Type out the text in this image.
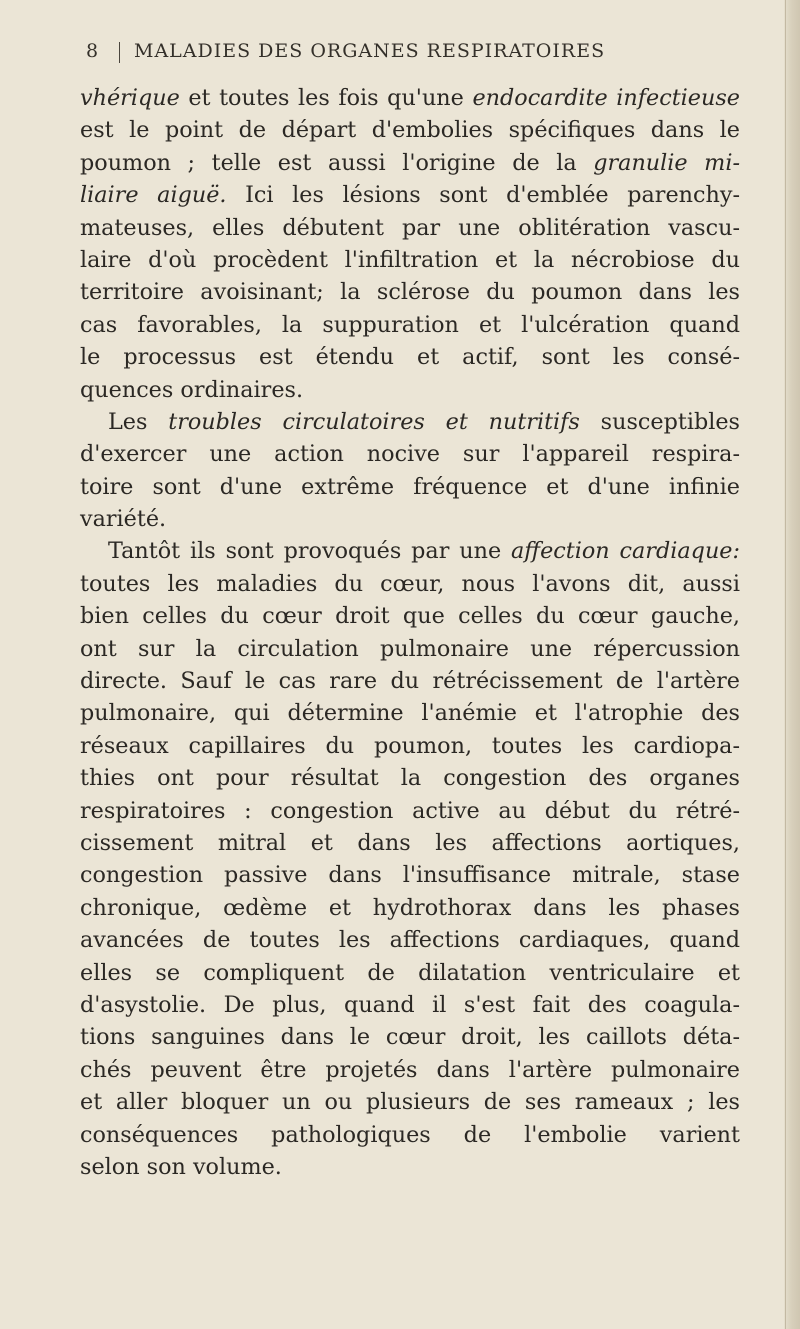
8 MALADIES DES ORGANES RESPIRATOIRES
vhérique et toutes les fois qu'une endocardite infectieuse
est le point de départ d'embolies spécifiques dans le
poumon ; telle est aussi l'origine de la granulie mi-
liaire aiguë. Ici les lésions sont d'emblée parenchy-
mateuses, elles débutent par une oblitération vascu-
laire d'où procèdent l'infiltration et la nécrobiose du
territoire avoisinant; la sclérose du poumon dans les
cas favorables, la suppuration et l'ulcération quand
le processus est étendu et actif, sont les consé-
quences ordinaires.
Les troubles circulatoires et nutritifs susceptibles
d'exercer une action nocive sur l'appareil respira-
toire sont d'une extrême fréquence et d'une infinie
variété.
Tantôt ils sont provoqués par une affection cardiaque:
toutes les maladies du cœur, nous l'avons dit, aussi
bien celles du cœur droit que celles du cœur gauche,
ont sur la circulation pulmonaire une répercussion
directe. Sauf le cas rare du rétrécissement de l'artère
pulmonaire, qui détermine l'anémie et l'atrophie des
réseaux capillaires du poumon, toutes les cardiopa-
thies ont pour résultat la congestion des organes
respiratoires : congestion active au début du rétré-
cissement mitral et dans les affections aortiques,
congestion passive dans l'insuffisance mitrale, stase
chronique, œdème et hydrothorax dans les phases
avancées de toutes les affections cardiaques, quand
elles se compliquent de dilatation ventriculaire et
d'asystolie. De plus, quand il s'est fait des coagula-
tions sanguines dans le cœur droit, les caillots déta-
chés peuvent être projetés dans l'artère pulmonaire
et aller bloquer un ou plusieurs de ses rameaux ; les
conséquences pathologiques de l'embolie varient
selon son volume.
